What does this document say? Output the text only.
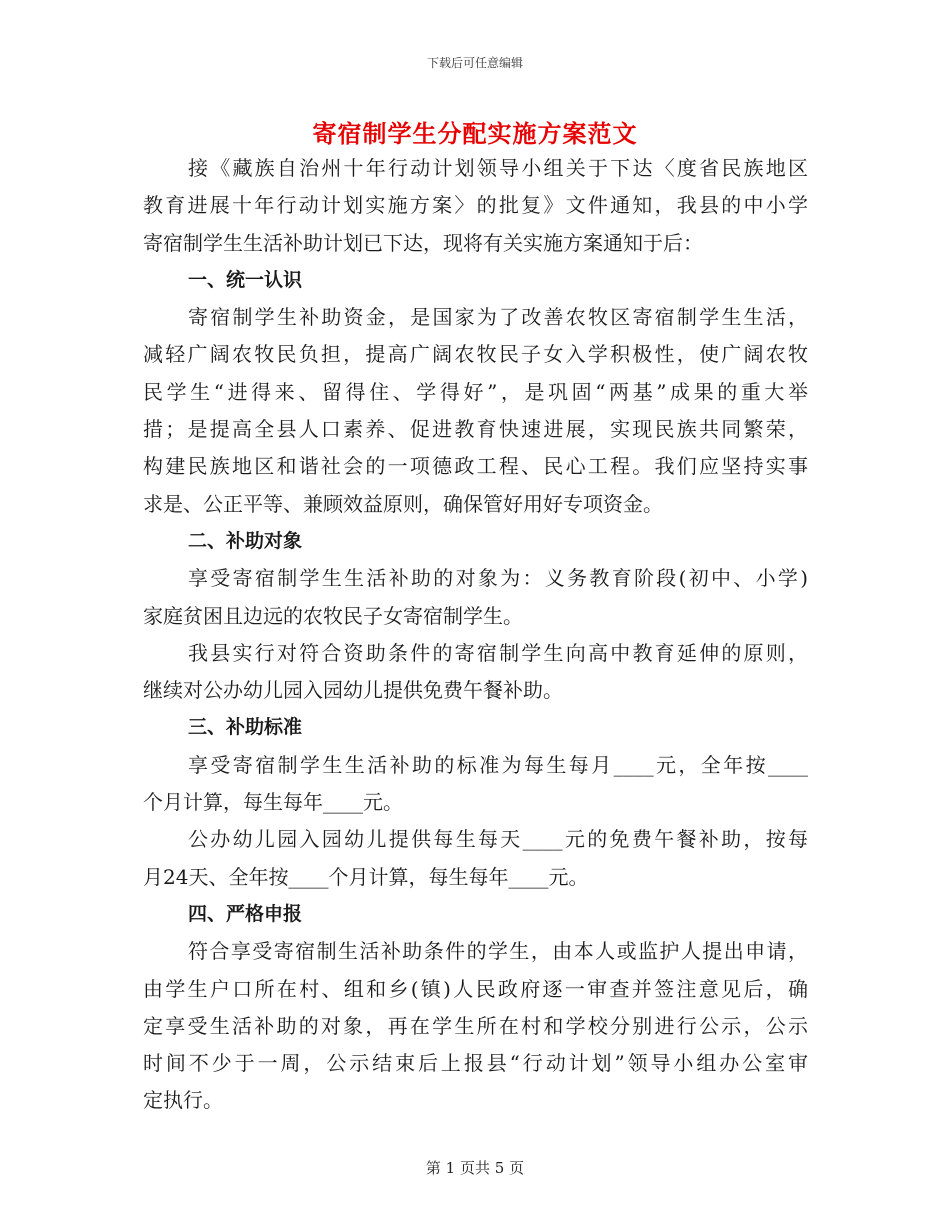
下载后可任意编辑
寄宿制学生分配实施方案范文
接《藏族自治州十年行动计划领导小组关于下达〈度省民族地区
教育进展十年行动计划实施方案〉的批复》文件通知，我县的中小学
寄宿制学生生活补助计划已下达，现将有关实施方案通知于后：
一、统一认识
寄宿制学生补助资金，是国家为了改善农牧区寄宿制学生生活，
减轻广阔农牧民负担，提高广阔农牧民子女入学积极性，使广阔农牧
民学生“进得来、留得住、学得好”，是巩固“两基”成果的重大举
措；是提高全县人口素养、促进教育快速进展，实现民族共同繁荣，
构建民族地区和谐社会的一项德政工程、民心工程。我们应坚持实事
求是、公正平等、兼顾效益原则，确保管好用好专项资金。
二、补助对象
享受寄宿制学生生活补助的对象为：义务教育阶段(初中、小学)
家庭贫困且边远的农牧民子女寄宿制学生。
我县实行对符合资助条件的寄宿制学生向高中教育延伸的原则，
继续对公办幼儿园入园幼儿提供免费午餐补助。
三、补助标准
享受寄宿制学生生活补助的标准为每生每月____元，全年按____
个月计算，每生每年____元。
公办幼儿园入园幼儿提供每生每天____元的免费午餐补助，按每
月24天、全年按____个月计算，每生每年____元。
四、严格申报
符合享受寄宿制生活补助条件的学生，由本人或监护人提出申请，
由学生户口所在村、组和乡(镇)人民政府逐一审查并签注意见后，确
定享受生活补助的对象，再在学生所在村和学校分别进行公示，公示
时间不少于一周，公示结束后上报县“行动计划”领导小组办公室审
定执行。
第 1 页共 5 页
